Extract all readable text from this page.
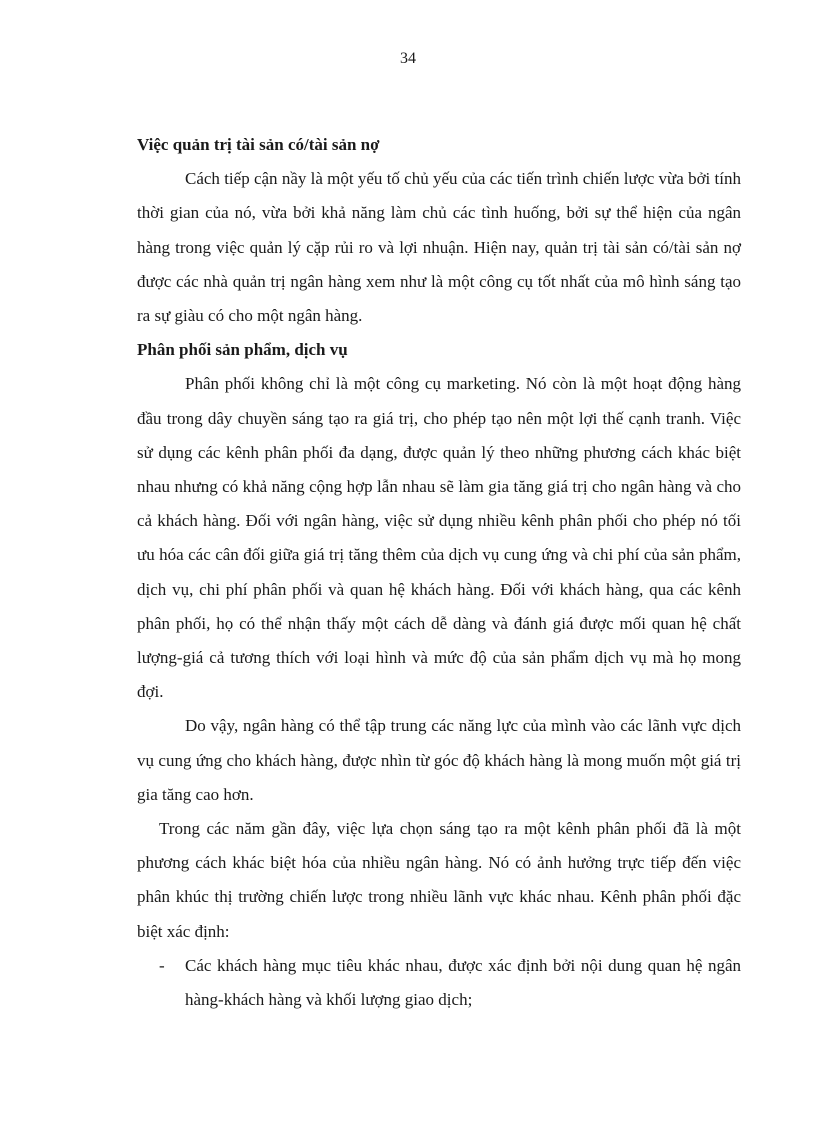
34

Việc quản trị tài sản có/tài sản nợ

Cách tiếp cận nầy là một yếu tố chủ yếu của các tiến trình chiến lược vừa bởi tính thời gian của nó, vừa bởi khả năng làm chủ các tình huống, bởi sự thể hiện của ngân hàng trong việc quản lý cặp rủi ro và lợi nhuận. Hiện nay, quản trị tài sản có/tài sản nợ được các nhà quản trị ngân hàng xem như là một công cụ tốt nhất của mô hình sáng tạo ra sự giàu có cho một ngân hàng.

Phân phối sản phẩm, dịch vụ

Phân phối không chỉ là một công cụ marketing. Nó còn là một hoạt động hàng đầu trong dây chuyền sáng tạo ra giá trị, cho phép tạo nên một lợi thế cạnh tranh. Việc sử dụng các kênh phân phối đa dạng, được quản lý theo những phương cách khác biệt nhau nhưng có khả năng cộng hợp lẫn nhau sẽ làm gia tăng giá trị cho ngân hàng và cho cả khách hàng. Đối với ngân hàng, việc sử dụng nhiều kênh phân phối cho phép nó tối ưu hóa các cân đối giữa giá trị tăng thêm của dịch vụ cung ứng và chi phí của sản phẩm, dịch vụ, chi phí phân phối và quan hệ khách hàng. Đối với khách hàng, qua các kênh phân phối, họ có thể nhận thấy một cách dễ dàng và đánh giá được mối quan hệ chất lượng-giá cả tương thích với loại hình và mức độ của sản phẩm dịch vụ mà họ mong đợi.

Do vậy, ngân hàng có thể tập trung các năng lực của mình vào các lãnh vực dịch vụ cung ứng cho khách hàng, được nhìn từ góc độ khách hàng là mong muốn một giá trị gia tăng cao hơn.

Trong các năm gần đây, việc lựa chọn sáng tạo ra một kênh phân phối đã là một phương cách khác biệt hóa của nhiều ngân hàng. Nó có ảnh hưởng trực tiếp đến việc phân khúc thị trường chiến lược trong nhiều lãnh vực khác nhau. Kênh phân phối đặc biệt xác định:

- Các khách hàng mục tiêu khác nhau, được xác định bởi nội dung quan hệ ngân hàng-khách hàng và khối lượng giao dịch;
